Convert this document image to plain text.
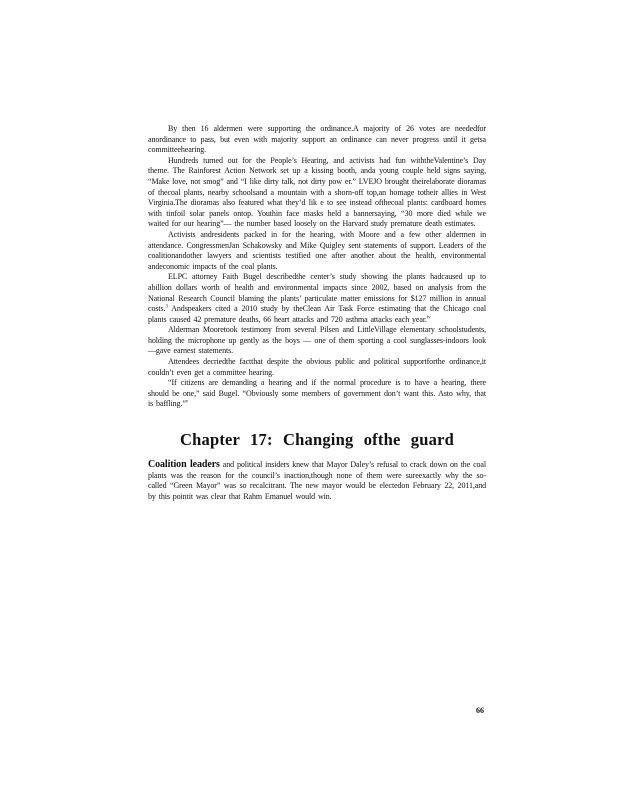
By then 16 aldermen were supporting the ordinance.A majority of 26 votes are neededfor anordinance to pass, but even with majority support an ordinance can never progress until it getsa committeehearing.

Hundreds turned out for the People’s Hearing, and activists had fun withtheValentine’s Day theme. The Rainforest Action Network set up a kissing booth, anda young couple held signs saying, “Make love, not smog” and “I like dirty talk, not dirty pow er.” LVEJO brought theirelaborate dioramas of thecoal plants, nearby schoolsand a mountain with a shorn-off top,an homage totheir allies in West Virginia.The dioramas also featured what they’d lik e to see instead ofthecoal plants: cardboard homes with tinfoil solar panels ontop. Youthin face masks held a bannersaying, “30 more died while we waited for our hearing”— the number based loosely on the Harvard study premature death estimates.

Activists andresidents packed in for the hearing, with Moore and a few other aldermen in attendance. CongressmenJan Schakowsky and Mike Quigley sent statements of support. Leaders of the coalitionandother lawyers and scientists testified one after another about the health, environmental andeconomic impacts of the coal plants.

ELPC attorney Faith Bugel describedthe center’s study showing the plants hadcaused up to abillion dollars worth of health and environmental impacts since 2002, based on analysis from the National Research Council blaming the plants’ particulate matter emissions for $127 million in annual costs.$^3$ Andspeakers cited a 2010 study by theClean Air Task Force estimating that the Chicago coal plants caused 42 premature deaths, 66 heart attacks and 720 asthma attacks each year.$^{iv}$

Alderman Mooretook testimony from several Pilsen and LittleVillage elementary schoolstudents, holding the microphone up gently as the boys — one of them sporting a cool sunglasses-indoors look —gave earnest statements.

Attendees decriedthe factthat despite the obvious public and political supportforthe ordinance,it couldn’t even get a committee hearing.

“If citizens are demanding a hearing and if the normal procedure is to have a hearing, there should be one,” said Bugel. “Obviously some members of government don’t want this. Asto why, that is baffling.”$^v$

Chapter 17: Changing ofthe guard

Coalition leaders and political insiders knew that Mayor Daley’s refusal to crack down on the coal plants was the reason for the council’s inaction,though none of them were sureexactly why the so- called “Green Mayor” was so recalcitrant. The new mayor would be electedon February 22, 2011,and by this pointit was clear that Rahm Emanuel would win.

66
